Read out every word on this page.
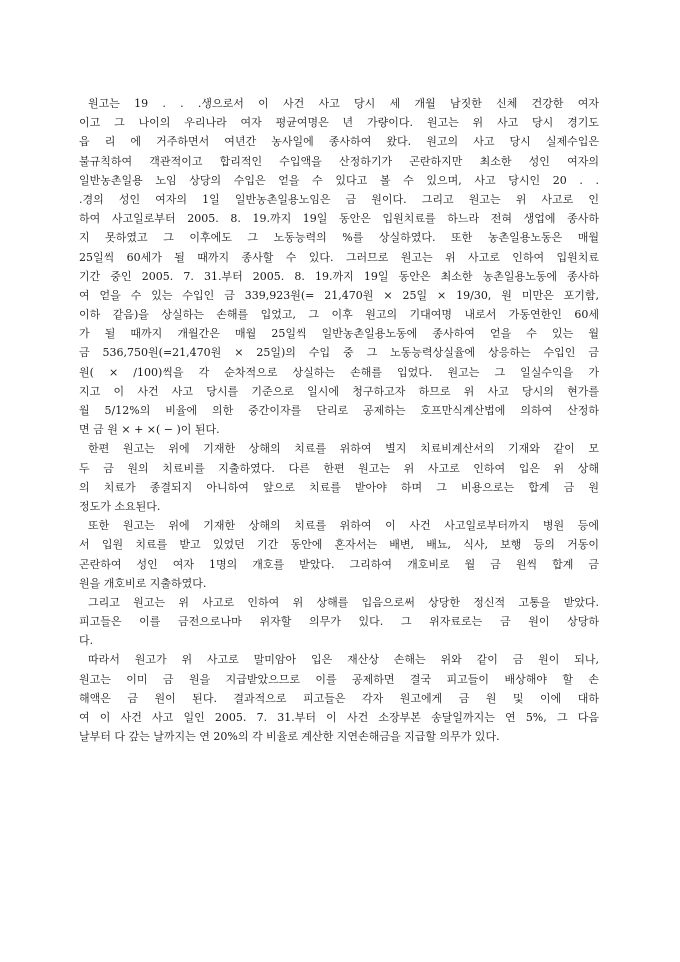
원고는 19 . . .생으로서 이 사건 사고 당시 세 개월 남짓한 신체 건강한 여자
이고 그 나이의 우리나라 여자 평균여명은 년 가량이다. 원고는 위 사고 당시 경기도
읍 리 에 거주하면서 여년간 농사일에 종사하여 왔다. 원고의 사고 당시 실제수입은
불규칙하여 객관적이고 합리적인 수입액을 산정하기가 곤란하지만 최소한 성인 여자의
일반농촌일용 노임 상당의 수입은 얻을 수 있다고 볼 수 있으며, 사고 당시인 20 . .
.경의 성인 여자의 1일 일반농촌일용노임은 금 원이다. 그리고 원고는 위 사고로 인
하여 사고일로부터 2005. 8. 19.까지 19일 동안은 입원치료를 하느라 전혀 생업에 종사하
지 못하였고 그 이후에도 그 노동능력의 %를 상실하였다. 또한 농촌일용노동은 매월
25일씩 60세가 될 때까지 종사할 수 있다. 그러므로 원고는 위 사고로 인하여 입원치료
기간 중인 2005. 7. 31.부터 2005. 8. 19.까지 19일 동안은 최소한 농촌일용노동에 종사하
여 얻을 수 있는 수입인 금 339,923원(= 21,470원 × 25일 × 19/30, 원 미만은 포기함,
이하 같음)을 상실하는 손해를 입었고, 그 이후 원고의 기대여명 내로서 가동연한인 60세
가 될 때까지 개월간은 매월 25일씩 일반농촌일용노동에 종사하여 얻을 수 있는 월
금 536,750원(=21,470원 × 25일)의 수입 중 그 노동능력상실율에 상응하는 수입인 금
원( × /100)씩을 각 순차적으로 상실하는 손해를 입었다. 원고는 그 일실수익을 가
지고 이 사건 사고 당시를 기준으로 일시에 청구하고자 하므로 위 사고 당시의 현가를
월 5/12%의 비율에 의한 중간이자를 단리로 공제하는 호프만식계산법에 의하여 산정하
면 금 원 × + ×( − )이 된다.
한편 원고는 위에 기재한 상해의 치료를 위하여 별지 치료비계산서의 기재와 같이 모
두 금 원의 치료비를 지출하였다. 다른 한편 원고는 위 사고로 인하여 입은 위 상해
의 치료가 종결되지 아니하여 앞으로 치료를 받아야 하며 그 비용으로는 합계 금 원
정도가 소요된다.
또한 원고는 위에 기재한 상해의 치료를 위하여 이 사건 사고일로부터까지 병원 등에
서 입원 치료를 받고 있었던 기간 동안에 혼자서는 배변, 배뇨, 식사, 보행 등의 거동이
곤란하여 성인 여자 1명의 개호를 받았다. 그리하여 개호비로 월 금 원씩 합계 금
원을 개호비로 지출하였다.
그리고 원고는 위 사고로 인하여 위 상해를 입음으로써 상당한 정신적 고통을 받았다.
피고들은 이를 금전으로나마 위자할 의무가 있다. 그 위자료로는 금 원이 상당하
다.
따라서 원고가 위 사고로 말미암아 입은 재산상 손해는 위와 같이 금 원이 되나,
원고는 이미 금 원을 지급받았으므로 이를 공제하면 결국 피고들이 배상해야 할 손
해액은 금 원이 된다. 결과적으로 피고들은 각자 원고에게 금 원 및 이에 대하
여 이 사건 사고 일인 2005. 7. 31.부터 이 사건 소장부본 송달일까지는 연 5%, 그 다음
날부터 다 갚는 날까지는 연 20%의 각 비율로 계산한 지연손해금을 지급할 의무가 있다.
